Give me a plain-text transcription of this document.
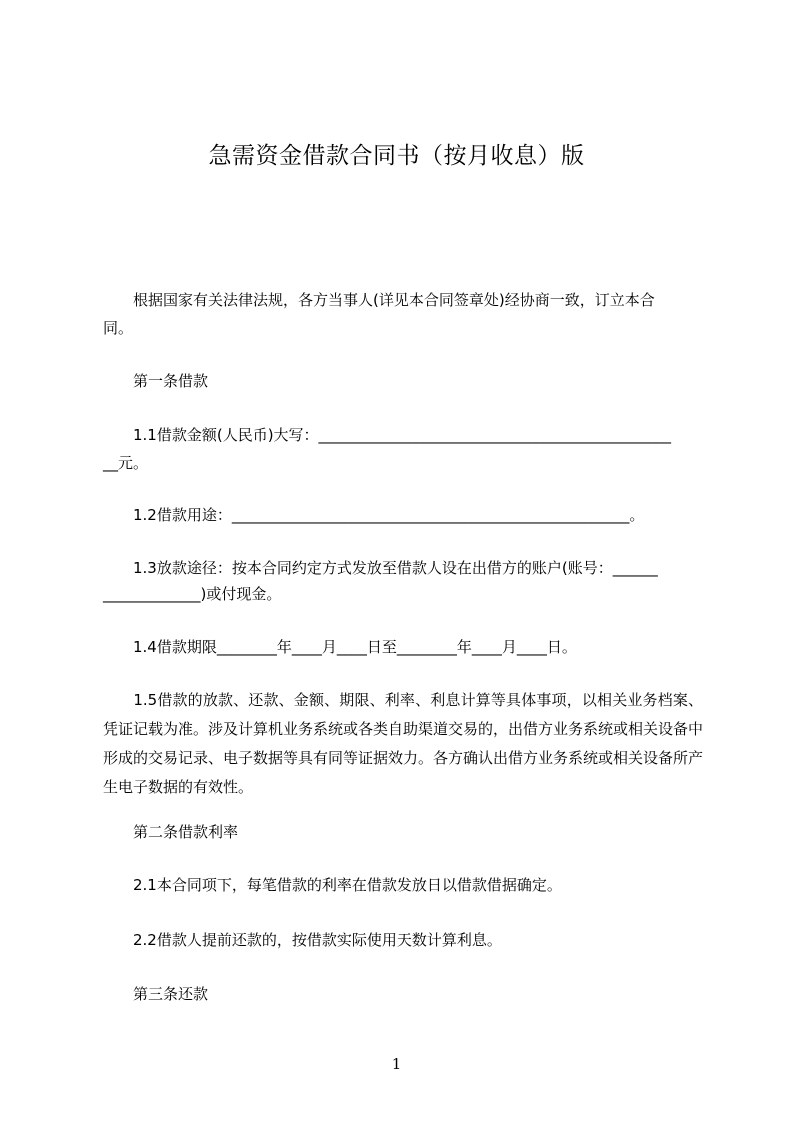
急需资金借款合同书（按月收息）版
　　根据国家有关法律法规，各方当事人(详见本合同签章处)经协商一致，订立本合
同。
　　第一条借款
　　1.1借款金额(人民币)大写：_______________________________________________
__元。
　　1.2借款用途：_____________________________________________________。
　　1.3放款途径：按本合同约定方式发放至借款人设在出借方的账户(账号：______
_____________)或付现金。
　　1.4借款期限________年____月____日至________年____月____日。
　　1.5借款的放款、还款、金额、期限、利率、利息计算等具体事项，以相关业务档案、凭证记载为准。涉及计算机业务系统或各类自助渠道交易的，出借方业务系统或相关设备中形成的交易记录、电子数据等具有同等证据效力。各方确认出借方业务系统或相关设备所产生电子数据的有效性。
　　第二条借款利率
　　2.1本合同项下，每笔借款的利率在借款发放日以借款借据确定。
　　2.2借款人提前还款的，按借款实际使用天数计算利息。
　　第三条还款
1
